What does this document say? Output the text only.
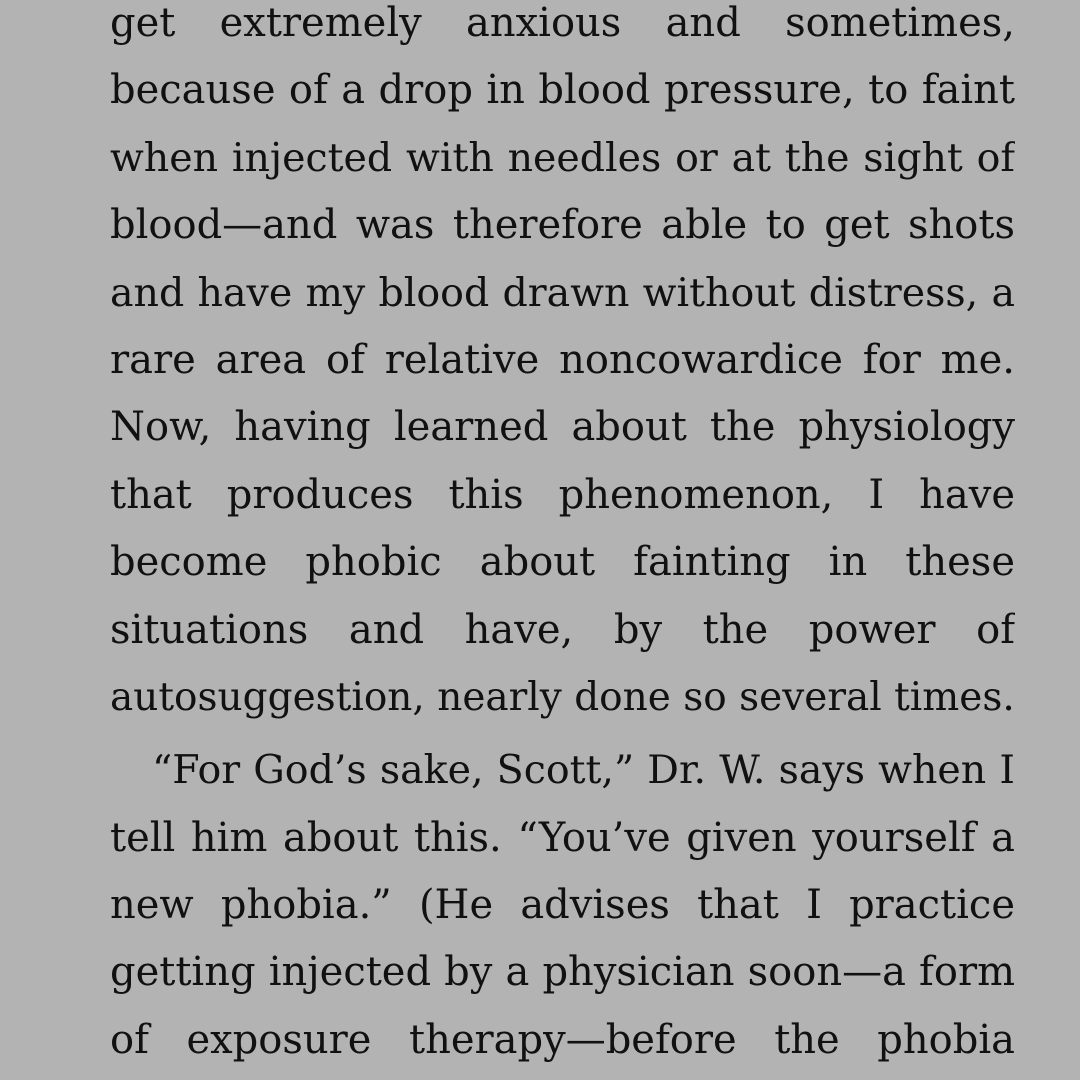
get extremely anxious and sometimes,
because of a drop in blood pressure, to faint
when injected with needles or at the sight of
blood—and was therefore able to get shots
and have my blood drawn without distress, a
rare area of relative noncowardice for me.
Now, having learned about the physiology
that produces this phenomenon, I have
become phobic about fainting in these
situations and have, by the power of
autosuggestion, nearly done so several times.
“For God’s sake, Scott,” Dr. W. says when I
tell him about this. “You’ve given yourself a
new phobia.” (He advises that I practice
getting injected by a physician soon—a form
of exposure therapy—before the phobia
